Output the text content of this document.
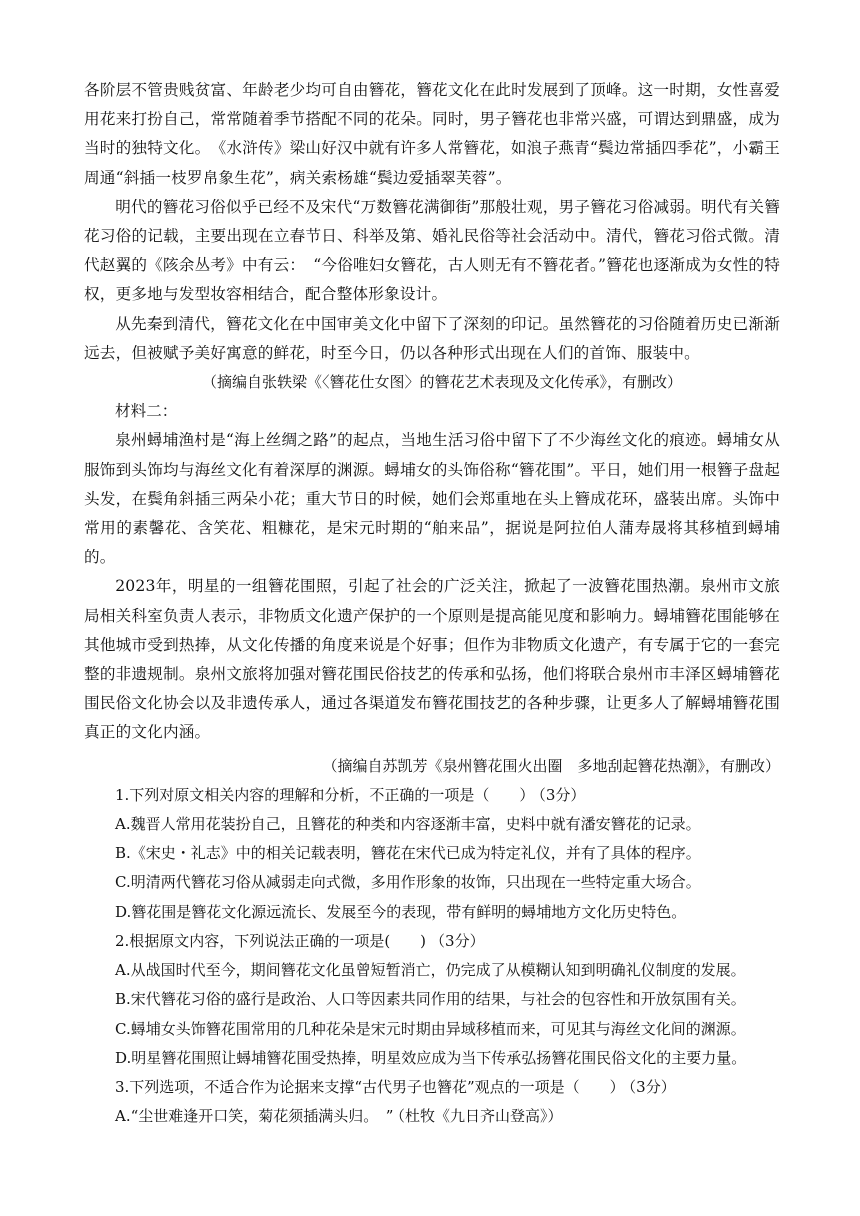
各阶层不管贵贱贫富、年龄老少均可自由簪花，簪花文化在此时发展到了顶峰。这一时期，女性喜爱用花来打扮自己，常常随着季节搭配不同的花朵。同时，男子簪花也非常兴盛，可谓达到鼎盛，成为当时的独特文化。　《水浒传》梁山好汉中就有许多人常簪花，如浪子燕青“鬓边常插四季花”，小霸王周通“斜插一枝罗帛象生花”，病关索杨雄“鬓边爱插翠芙蓉”。

明代的簪花习俗似乎已经不及宋代“万数簪花满御街”那般壮观，男子簪花习俗减弱。明代有关簪花习俗的记载，主要出现在立春节日、科举及第、婚礼民俗等社会活动中。清代，簪花习俗式微。清代赵翼的《陔余丛考》中有云：　“今俗唯妇女簪花，古人则无有不簪花者。”簪花也逐渐成为女性的特权，更多地与发型妆容相结合，配合整体形象设计。

从先秦到清代，簪花文化在中国审美文化中留下了深刻的印记。虽然簪花的习俗随着历史已渐渐远去，但被赋予美好寓意的鲜花，时至今日，仍以各种形式出现在人们的首饰、服装中。

（摘编自张轶梁《〈簪花仕女图〉的簪花艺术表现及文化传承》，有删改）

材料二：

泉州蟳埔渔村是“海上丝绸之路”的起点，当地生活习俗中留下了不少海丝文化的痕迹。蟳埔女从服饰到头饰均与海丝文化有着深厚的渊源。蟳埔女的头饰俗称“簪花围”。平日，她们用一根簪子盘起头发，在鬓角斜插三两朵小花；重大节日的时候，她们会郑重地在头上簪成花环，盛装出席。头饰中常用的素馨花、含笑花、粗糠花，是宋元时期的“舶来品”，据说是阿拉伯人蒲寿晟将其移植到蟳埔的。

2023年，明星的一组簪花围照，引起了社会的广泛关注，掀起了一波簪花围热潮。泉州市文旅局相关科室负责人表示，非物质文化遗产保护的一个原则是提高能见度和影响力。蟳埔簪花围能够在其他城市受到热捧，从文化传播的角度来说是个好事；但作为非物质文化遗产，有专属于它的一套完整的非遗规制。泉州文旅将加强对簪花围民俗技艺的传承和弘扬，他们将联合泉州市丰泽区蟳埔簪花围民俗文化协会以及非遗传承人，通过各渠道发布簪花围技艺的各种步骤，让更多人了解蟳埔簪花围真正的文化内涵。

（摘编自苏凯芳《泉州簪花围火出圈　多地刮起簪花热潮》，有删改）

1.下列对原文相关内容的理解和分析，不正确的一项是（　　） （3分）

A.魏晋人常用花装扮自己，且簪花的种类和内容逐渐丰富，史料中就有潘安簪花的记录。

B.《宋史・礼志》中的相关记载表明，簪花在宋代已成为特定礼仪，并有了具体的程序。

C.明清两代簪花习俗从减弱走向式微，多用作形象的妆饰，只出现在一些特定重大场合。

D.簪花围是簪花文化源远流长、发展至今的表现，带有鲜明的蟳埔地方文化历史特色。

2.根据原文内容，下列说法正确的一项是(　　) （3分）

A.从战国时代至今，期间簪花文化虽曾短暂消亡，仍完成了从模糊认知到明确礼仪制度的发展。

B.宋代簪花习俗的盛行是政治、人口等因素共同作用的结果，与社会的包容性和开放氛围有关。

C.蟳埔女头饰簪花围常用的几种花朵是宋元时期由异域移植而来，可见其与海丝文化间的渊源。

D.明星簪花围照让蟳埔簪花围受热捧，明星效应成为当下传承弘扬簪花围民俗文化的主要力量。

3.下列选项，不适合作为论据来支撑“古代男子也簪花”观点的一项是（　　） （3分）

A.“尘世难逢开口笑，菊花须插满头归。　” （杜牧《九日齐山登高》）
